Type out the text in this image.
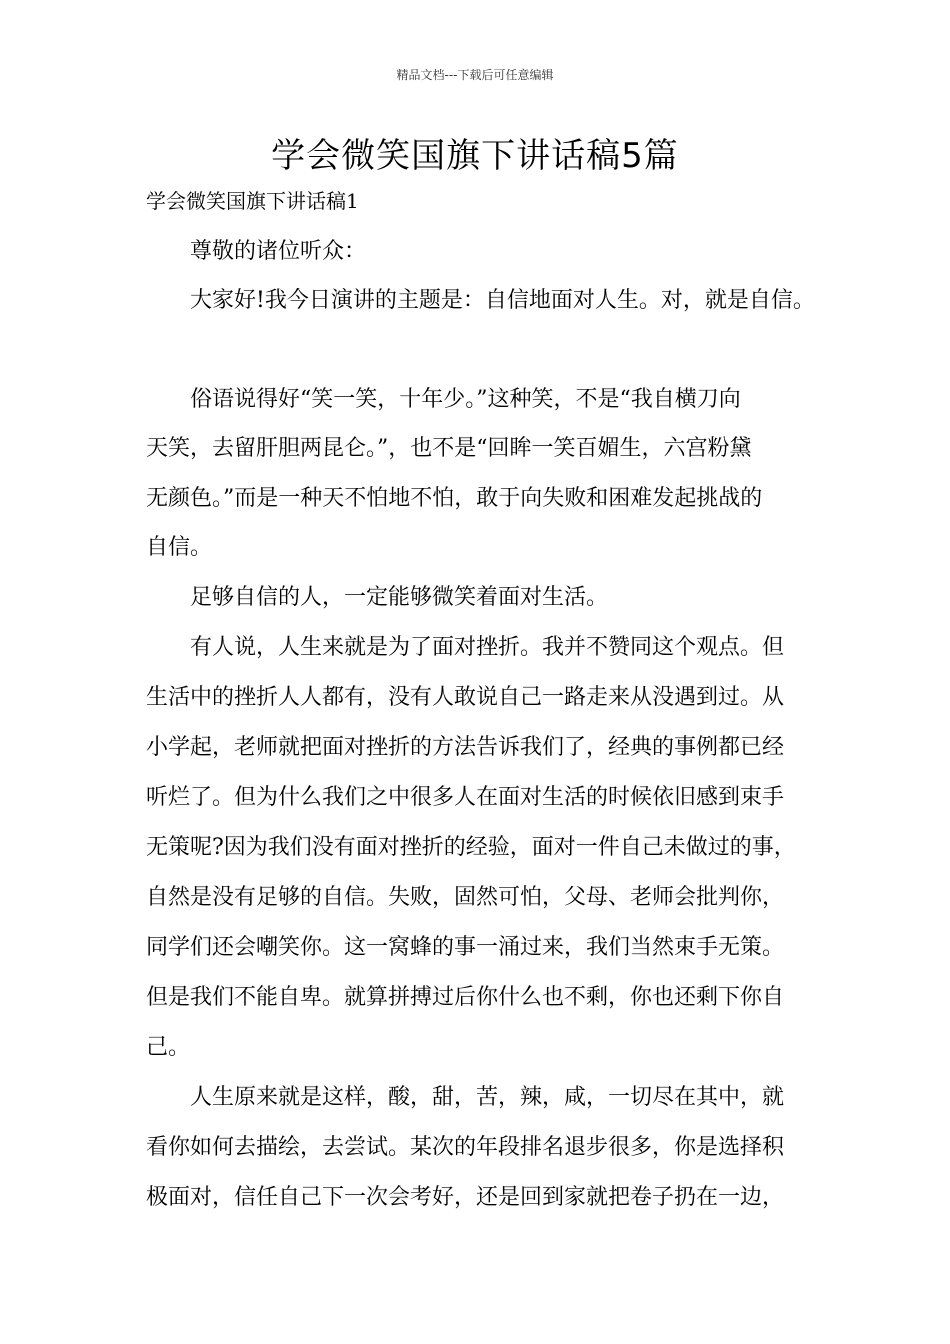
精品文档---下载后可任意编辑
学会微笑国旗下讲话稿5篇
学会微笑国旗下讲话稿1
尊敬的诸位听众：
大家好!我今日演讲的主题是：自信地面对人生。对，就是自信。
俗语说得好“笑一笑，十年少。”这种笑，不是“我自横刀向
天笑，去留肝胆两昆仑。”，也不是“回眸一笑百媚生，六宫粉黛
无颜色。”而是一种天不怕地不怕，敢于向失败和困难发起挑战的
自信。
足够自信的人，一定能够微笑着面对生活。
有人说，人生来就是为了面对挫折。我并不赞同这个观点。但
生活中的挫折人人都有，没有人敢说自己一路走来从没遇到过。从
小学起，老师就把面对挫折的方法告诉我们了，经典的事例都已经
听烂了。但为什么我们之中很多人在面对生活的时候依旧感到束手
无策呢?因为我们没有面对挫折的经验，面对一件自己未做过的事，
自然是没有足够的自信。失败，固然可怕，父母、老师会批判你，
同学们还会嘲笑你。这一窝蜂的事一涌过来，我们当然束手无策。
但是我们不能自卑。就算拼搏过后你什么也不剩，你也还剩下你自
己。
人生原来就是这样，酸，甜，苦，辣，咸，一切尽在其中，就
看你如何去描绘，去尝试。某次的年段排名退步很多，你是选择积
极面对，信任自己下一次会考好，还是回到家就把卷子扔在一边，
